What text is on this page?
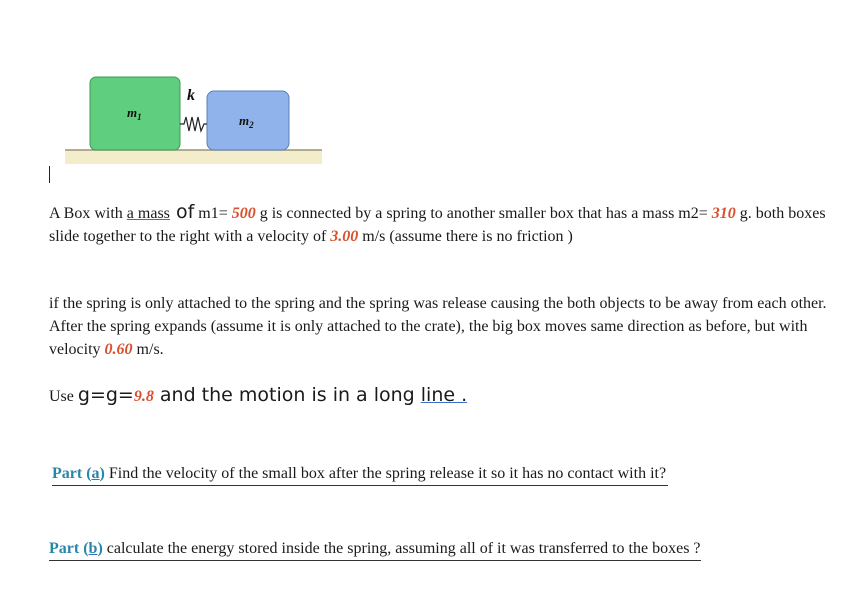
k
$m_1$	$m_2$
A Box with a mass of m1= 500 g is connected by a spring to another smaller box that has a mass m2= 310 g. both boxes slide together to the right with a velocity of 3.00 m/s (assume there is no friction )
if the spring is only attached to the spring and the spring was release causing the both objects to be away from each other. After the spring expands (assume it is only attached to the crate), the big box moves same direction as before, but with velocity 0.60 m/s.
Use g=g=9.8 and the motion is in a long line .
Part (a) Find the velocity of the small box after the spring release it so it has no contact with it?
Part (b) calculate the energy stored inside the spring, assuming all of it was transferred to the boxes ?
